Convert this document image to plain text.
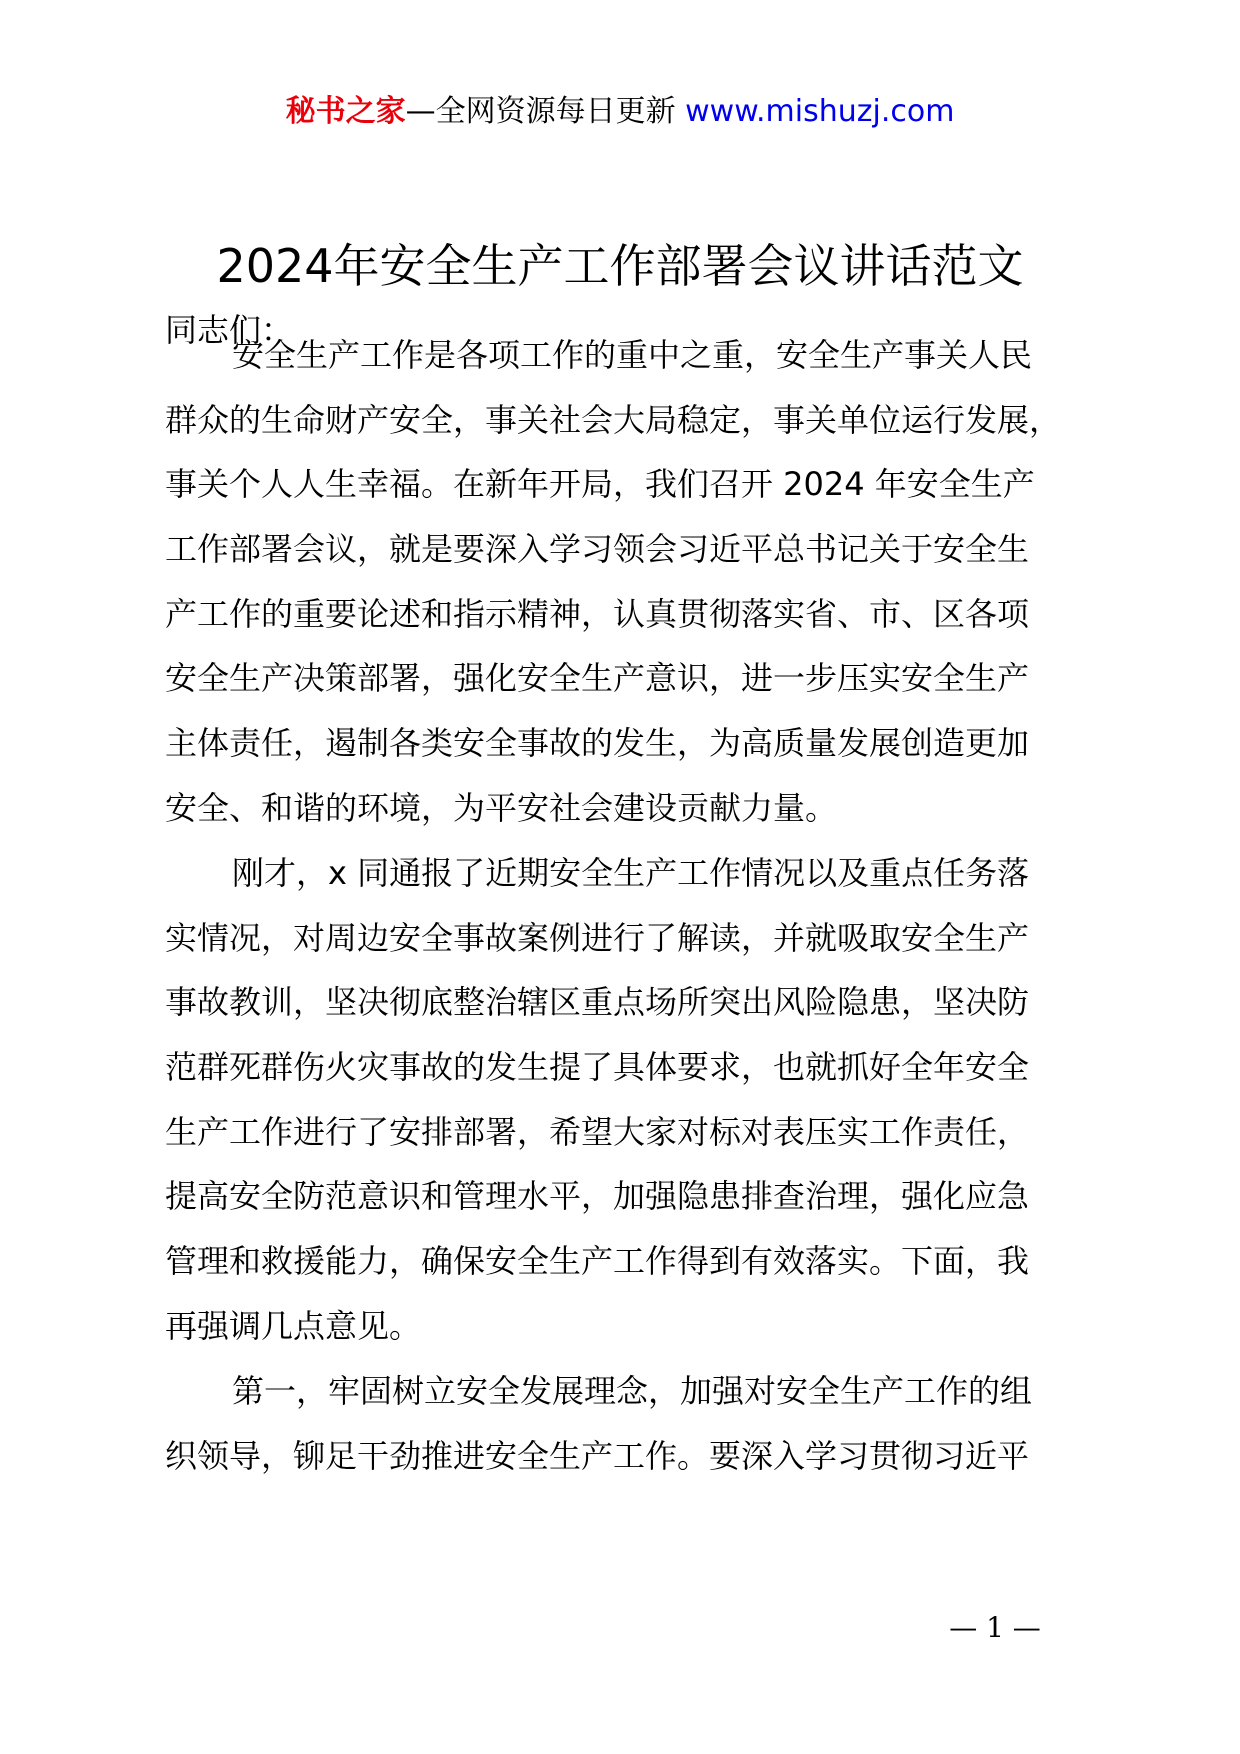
秘书之家—全网资源每日更新 www.mishuzj.com
2024年安全生产工作部署会议讲话范文
同志们：
安全生产工作是各项工作的重中之重，安全生产事关人民
群众的生命财产安全，事关社会大局稳定，事关单位运行发展，
事关个人人生幸福。在新年开局，我们召开 2024 年安全生产
工作部署会议，就是要深入学习领会习近平总书记关于安全生
产工作的重要论述和指示精神，认真贯彻落实省、市、区各项
安全生产决策部署，强化安全生产意识，进一步压实安全生产
主体责任，遏制各类安全事故的发生，为高质量发展创造更加
安全、和谐的环境，为平安社会建设贡献力量。
刚才，x 同通报了近期安全生产工作情况以及重点任务落
实情况，对周边安全事故案例进行了解读，并就吸取安全生产
事故教训，坚决彻底整治辖区重点场所突出风险隐患，坚决防
范群死群伤火灾事故的发生提了具体要求，也就抓好全年安全
生产工作进行了安排部署，希望大家对标对表压实工作责任，
提高安全防范意识和管理水平，加强隐患排查治理，强化应急
管理和救援能力，确保安全生产工作得到有效落实。下面，我
再强调几点意见。
第一，牢固树立安全发展理念，加强对安全生产工作的组
织领导，铆足干劲推进安全生产工作。要深入学习贯彻习近平
— 1 —
